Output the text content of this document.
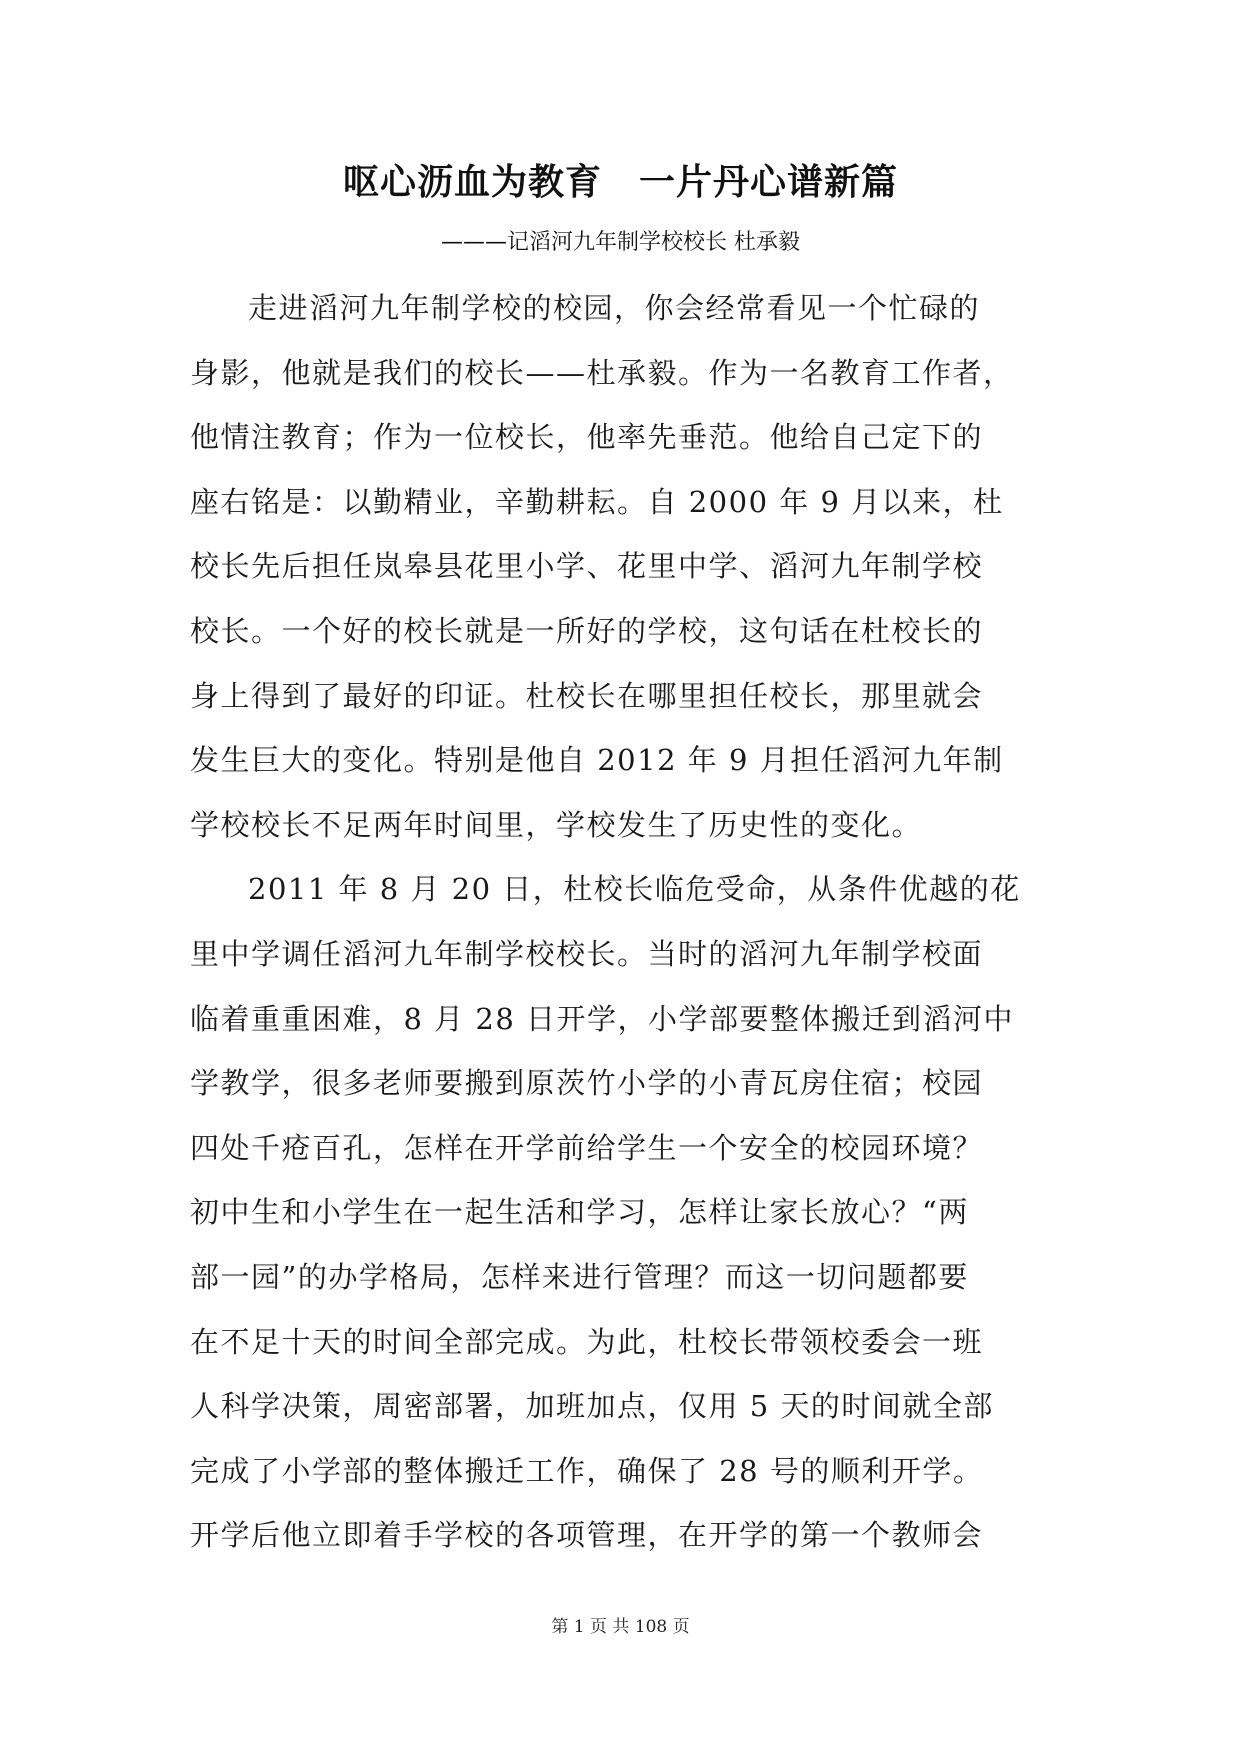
呕心沥血为教育　一片丹心谱新篇
———记滔河九年制学校校长 杜承毅
走进滔河九年制学校的校园，你会经常看见一个忙碌的
身影，他就是我们的校长——杜承毅。作为一名教育工作者，
他情注教育；作为一位校长，他率先垂范。他给自己定下的
座右铭是：以勤精业，辛勤耕耘。自 2000 年 9 月以来，杜
校长先后担任岚皋县花里小学、花里中学、滔河九年制学校
校长。一个好的校长就是一所好的学校，这句话在杜校长的
身上得到了最好的印证。杜校长在哪里担任校长，那里就会
发生巨大的变化。特别是他自 2012 年 9 月担任滔河九年制
学校校长不足两年时间里，学校发生了历史性的变化。
2011 年 8 月 20 日，杜校长临危受命，从条件优越的花
里中学调任滔河九年制学校校长。当时的滔河九年制学校面
临着重重困难，8 月 28 日开学，小学部要整体搬迁到滔河中
学教学，很多老师要搬到原茨竹小学的小青瓦房住宿；校园
四处千疮百孔，怎样在开学前给学生一个安全的校园环境？
初中生和小学生在一起生活和学习，怎样让家长放心？“两
部一园”的办学格局，怎样来进行管理？而这一切问题都要
在不足十天的时间全部完成。为此，杜校长带领校委会一班
人科学决策，周密部署，加班加点，仅用 5 天的时间就全部
完成了小学部的整体搬迁工作，确保了 28 号的顺利开学。
开学后他立即着手学校的各项管理，在开学的第一个教师会
第 1 页 共 108 页
